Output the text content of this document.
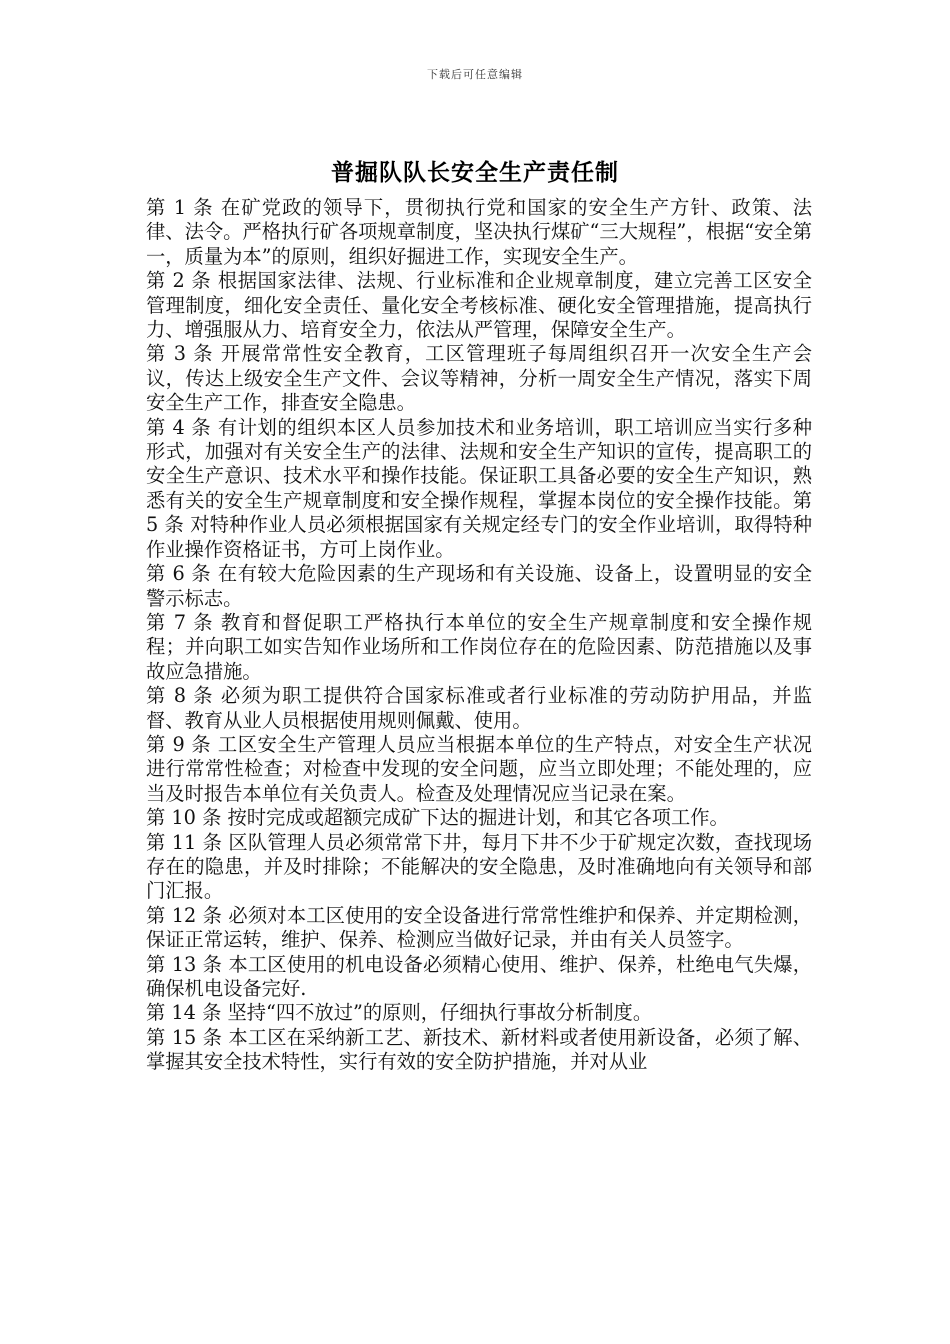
下载后可任意编辑
普掘队队长安全生产责任制

第 1 条 在矿党政的领导下，贯彻执行党和国家的安全生产方针、政策、法律、法令。严格执行矿各项规章制度，坚决执行煤矿“三大规程”，根据“安全第一，质量为本”的原则，组织好掘进工作，实现安全生产。

第 2 条 根据国家法律、法规、行业标准和企业规章制度，建立完善工区安全管理制度，细化安全责任、量化安全考核标准、硬化安全管理措施，提高执行力、增强服从力、培育安全力，依法从严管理，保障安全生产。

第 3 条 开展常常性安全教育，工区管理班子每周组织召开一次安全生产会议，传达上级安全生产文件、会议等精神，分析一周安全生产情况，落实下周安全生产工作，排查安全隐患。

第 4 条 有计划的组织本区人员参加技术和业务培训，职工培训应当实行多种形式，加强对有关安全生产的法律、法规和安全生产知识的宣传，提高职工的安全生产意识、技术水平和操作技能。保证职工具备必要的安全生产知识，熟悉有关的安全生产规章制度和安全操作规程，掌握本岗位的安全操作技能。第 5 条 对特种作业人员必须根据国家有关规定经专门的安全作业培训，取得特种作业操作资格证书，方可上岗作业。

第 6 条 在有较大危险因素的生产现场和有关设施、设备上，设置明显的安全警示标志。

第 7 条 教育和督促职工严格执行本单位的安全生产规章制度和安全操作规程；并向职工如实告知作业场所和工作岗位存在的危险因素、防范措施以及事故应急措施。

第 8 条 必须为职工提供符合国家标准或者行业标准的劳动防护用品，并监督、教育从业人员根据使用规则佩戴、使用。

第 9 条 工区安全生产管理人员应当根据本单位的生产特点，对安全生产状况进行常常性检查；对检查中发现的安全问题，应当立即处理；不能处理的，应当及时报告本单位有关负责人。检查及处理情况应当记录在案。

第 10 条 按时完成或超额完成矿下达的掘进计划，和其它各项工作。

第 11 条 区队管理人员必须常常下井，每月下井不少于矿规定次数，查找现场存在的隐患，并及时排除；不能解决的安全隐患，及时准确地向有关领导和部门汇报。

第 12 条 必须对本工区使用的安全设备进行常常性维护和保养、并定期检测，保证正常运转，维护、保养、检测应当做好记录，并由有关人员签字。

第 13 条 本工区使用的机电设备必须精心使用、维护、保养，杜绝电气失爆，确保机电设备完好.

第 14 条 坚持“四不放过”的原则，仔细执行事故分析制度。

第 15 条 本工区在采纳新工艺、新技术、新材料或者使用新设备，必须了解、掌握其安全技术特性，实行有效的安全防护措施，并对从业
